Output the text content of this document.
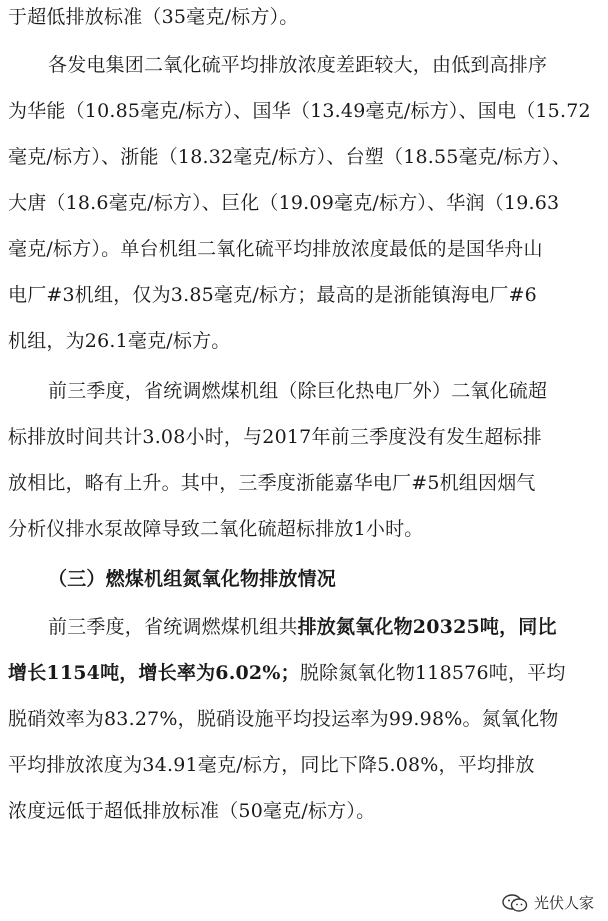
于超低排放标准（35毫克/标方）。
各发电集团二氧化硫平均排放浓度差距较大，由低到高排序
为华能（10.85毫克/标方）、国华（13.49毫克/标方）、国电（15.72
毫克/标方）、浙能（18.32毫克/标方）、台塑（18.55毫克/标方）、
大唐（18.6毫克/标方）、巨化（19.09毫克/标方）、华润（19.63
毫克/标方）。单台机组二氧化硫平均排放浓度最低的是国华舟山
电厂#3机组，仅为3.85毫克/标方；最高的是浙能镇海电厂#6
机组，为26.1毫克/标方。
前三季度，省统调燃煤机组（除巨化热电厂外）二氧化硫超
标排放时间共计3.08小时，与2017年前三季度没有发生超标排
放相比，略有上升。其中，三季度浙能嘉华电厂#5机组因烟气
分析仪排水泵故障导致二氧化硫超标排放1小时。
（三）燃煤机组氮氧化物排放情况
前三季度，省统调燃煤机组共排放氮氧化物20325吨，同比
增长1154吨，增长率为6.02%；脱除氮氧化物118576吨，平均
脱硝效率为83.27%，脱硝设施平均投运率为99.98%。氮氧化物
平均排放浓度为34.91毫克/标方，同比下降5.08%，平均排放
浓度远低于超低排放标准（50毫克/标方）。
光伏人家
